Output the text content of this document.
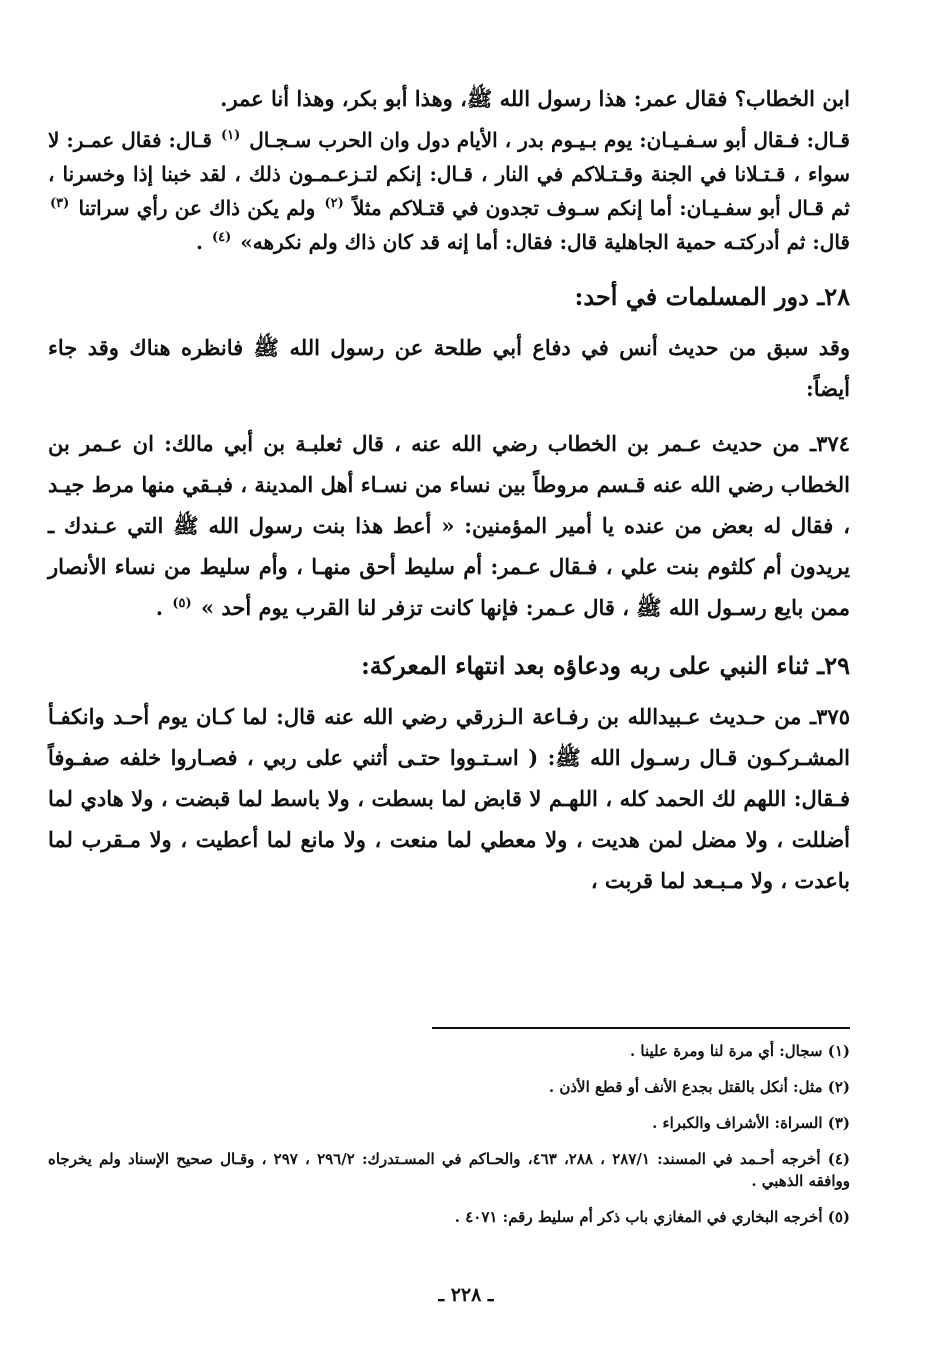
ابن الخطاب؟ فقال عمر: هذا رسول الله ﷺ، وهذا أبو بكر، وهذا أنا عمر.

قـال: فـقال أبو سـفـيـان: يوم بـيـوم بدر ، الأيام دول وان الحرب سـجـال $^{(١)}$ قـال: فقال عمـر: لا سواء ، قـتـلانا في الجنة وقـتـلاكم في النار ، قـال: إنكم لتـزعـمـون ذلك ، لقد خبنا إذا وخسرنا ، ثم قـال أبو سفـيـان: أما إنكم سـوف تجدون في قتـلاكم مثلاً $^{(٢)}$ ولم يكن ذاك عن رأي سراتنا $^{(٣)}$ قال: ثم أدركتـه حمية الجاهلية قال: فقال: أما إنه قد كان ذاك ولم نكرهه» $^{(٤)}$ .

٢٨ـ دور المسلمات في أحد:

وقد سبق من حديث أنس في دفاع أبي طلحة عن رسول الله ﷺ فانظره هناك وقد جاء أيضاً:

٣٧٤ـ من حديث عـمر بن الخطاب رضي الله عنه ، قال ثعلبـة بن أبي مالك: ان عـمر بن الخطاب رضي الله عنه قـسم مروطاً بين نساء من نسـاء أهل المدينة ، فبـقي منها مرط جيـد ، فقال له بعض من عنده يا أمير المؤمنين: « أعط هذا بنت رسول الله ﷺ التي عـندك ـ يريدون أم كلثوم بنت علي ، فـقال عـمر: أم سليط أحق منهـا ، وأم سليط من نساء الأنصار ممن بايع رسـول الله ﷺ ، قال عـمر: فإنها كانت تزفر لنا القرب يوم أحد » $^{(٥)}$ .

٢٩ـ ثناء النبي على ربه ودعاؤه بعد انتهاء المعركة:

٣٧٥ـ من حـديث عـبيدالله بن رفـاعة الـزرقي رضي الله عنه قال: لما كـان يوم أحـد وانكفـأ المشـركـون قـال رسـول الله ﷺ: ( اسـتـووا حتـى أثني على ربي ، فصـاروا خلفه صفـوفاً فـقال: اللهم لك الحمد كله ، اللهـم لا قابض لما بسطت ، ولا باسط لما قبضت ، ولا هادي لما أضللت ، ولا مضل لمن هديت ، ولا معطي لما منعت ، ولا مانع لما أعطيت ، ولا مـقرب لما باعدت ، ولا مـبـعد لما قربت ،

(١) سجال: أي مرة لنا ومرة علينا .

(٢) مثل: أنكل بالقتل بجدع الأنف أو قطع الأذن .

(٣) السراة: الأشراف والكبراء .

(٤) أخرجه أحـمد في المسند: ٢٨٧/١ ، ٢٨٨، ٤٦٣، والحـاكم في المسـتدرك: ٢٩٦/٢ ، ٢٩٧ ، وقـال صحيح الإسناد ولم يخرجاه ووافقه الذهبي .

(٥) أخرجه البخاري في المغازي باب ذكر أم سليط رقم: ٤٠٧١ .

ـ ٢٢٨ ـ
